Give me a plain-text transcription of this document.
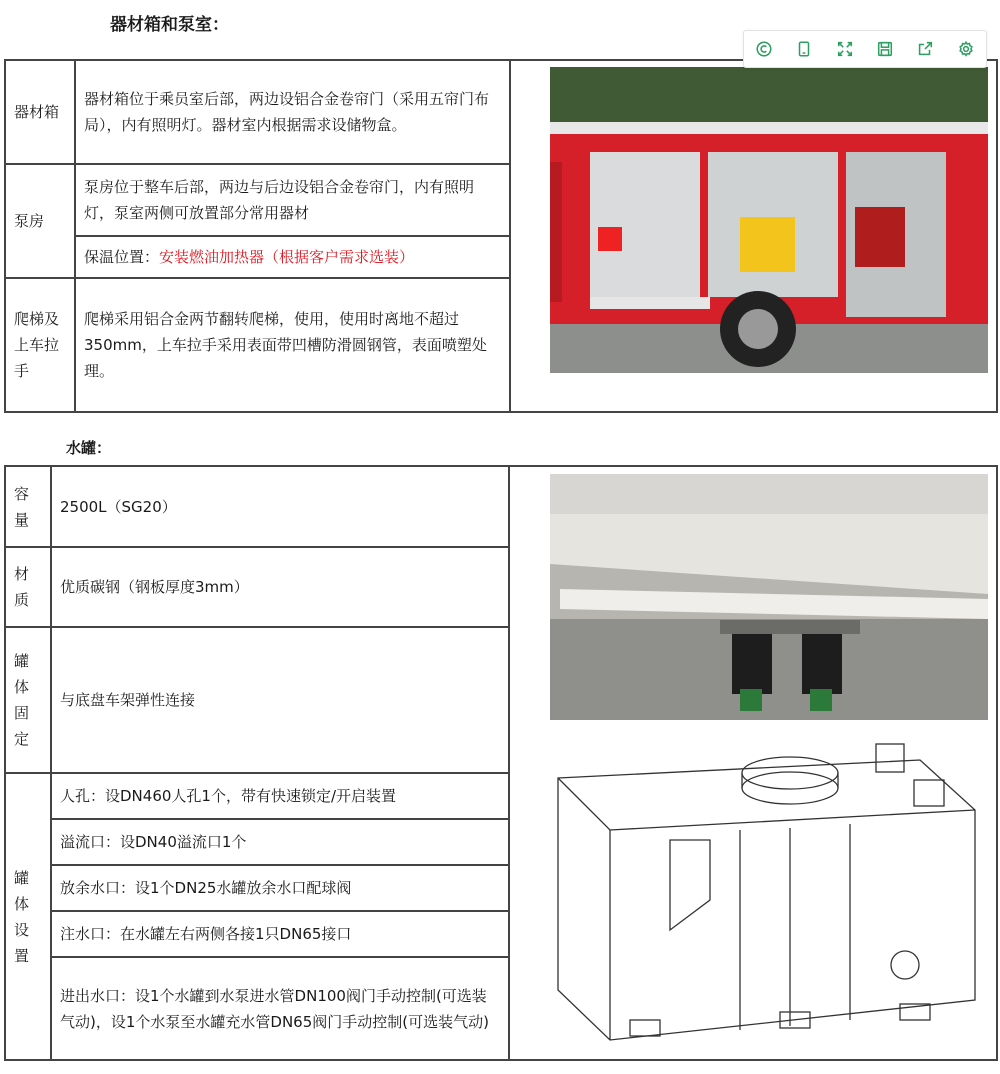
器材箱和泵室：
器材箱	器材箱位于乘员室后部，两边设铝合金卷帘门（采用五帘门布局），内有照明灯。器材室内根据需求设储物盒。	
泵房	泵房位于整车后部，两边与后边设铝合金卷帘门，内有照明灯，泵室两侧可放置部分常用器材	
	保温位置：安装燃油加热器（根据客户需求选装）	
爬梯及上车拉手	爬梯采用铝合金两节翻转爬梯，使用，使用时离地不超过350mm，上车拉手采用表面带凹槽防滑圆钢管，表面喷塑处理。	
水罐：
容量	2500L（SG20）	
材质	优质碳钢（钢板厚度3mm）	
罐体固定	与底盘车架弹性连接	
罐体设置	人孔：设DN460人孔1个，带有快速锁定/开启装置	
	溢流口：设DN40溢流口1个	
	放余水口：设1个DN25水罐放余水口配球阀	
	注水口：在水罐左右两侧各接1只DN65接口	
	进出水口：设1个水罐到水泵进水管DN100阀门手动控制(可选装气动)，设1个水泵至水罐充水管DN65阀门手动控制(可选装气动)	
